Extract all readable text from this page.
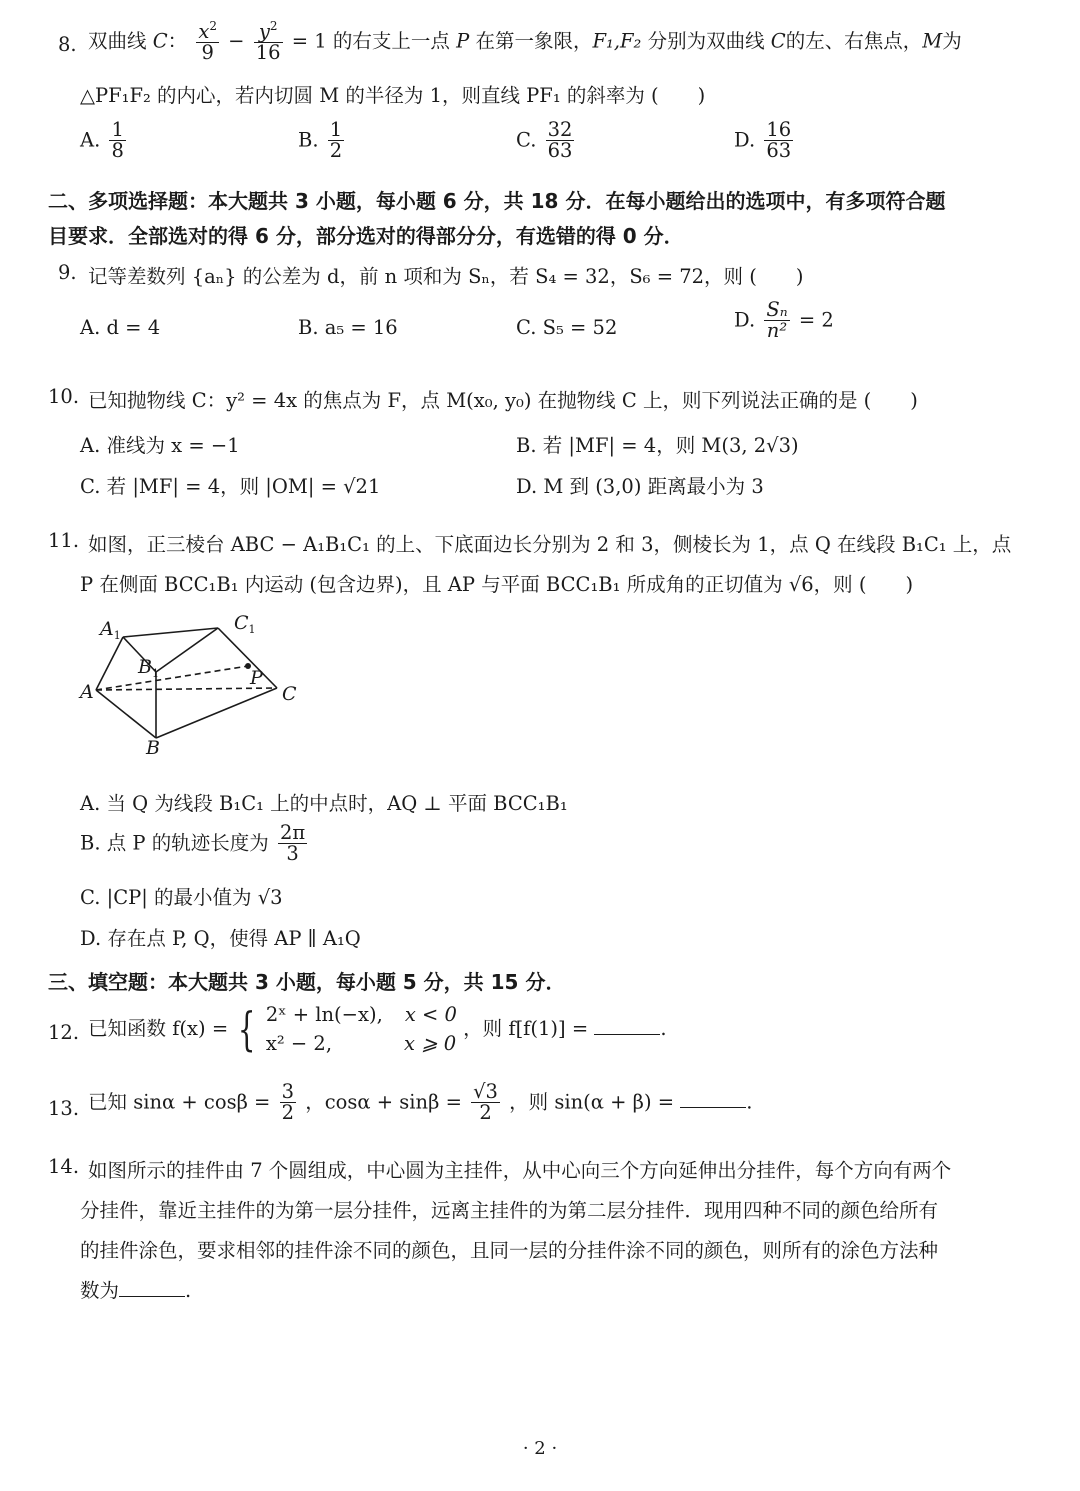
8. 双曲线 C： $\frac{x^2}{9} - \frac{y^2}{16} = 1$ 的右支上一点 P 在第一象限，F₁,F₂ 分别为双曲线 C的左、右焦点，M为
△PF₁F₂ 的内心，若内切圆 M 的半径为 1，则直线 PF₁ 的斜率为 (　　)
A. $\frac{1}{8}$	B. $\frac{1}{2}$	C. $\frac{32}{63}$	D. $\frac{16}{63}$
二、多项选择题：本大题共 3 小题，每小题 6 分，共 18 分．在每小题给出的选项中，有多项符合题
目要求．全部选对的得 6 分，部分选对的得部分分，有选错的得 0 分．
9. 记等差数列 {aₙ} 的公差为 d，前 n 项和为 Sₙ，若 S₄ = 32，S₆ = 72，则 (　　)
A. d = 4	B. a₅ = 16	C. S₅ = 52	D. $\frac{\text{Sₙ}}{\text{n²}} = 2$
10. 已知抛物线 C：y² = 4x 的焦点为 F，点 M(x₀, y₀) 在抛物线 C 上，则下列说法正确的是 (　　)
A. 准线为 x = −1	B. 若 |MF| = 4，则 M(3, 2√3)
C. 若 |MF| = 4，则 |OM| = √21	D. M 到 (3,0) 距离最小为 3
11. 如图，正三棱台 ABC − A₁B₁C₁ 的上、下底面边长分别为 2 和 3，侧棱长为 1，点 Q 在线段 B₁C₁ 上，点
P 在侧面 BCC₁B₁ 内运动 (包含边界)，且 AP 与平面 BCC₁B₁ 所成角的正切值为 √6，则 (　　)
$A_1$
$C_1$
$B_1$
A
P
C
B
A. 当 Q 为线段 B₁C₁ 上的中点时，AQ ⊥ 平面 BCC₁B₁
B. 点 P 的轨迹长度为 $\frac{2\pi}{3}$
C. |CP| 的最小值为 √3
D. 存在点 P, Q，使得 AP ∥ A₁Q
三、填空题：本大题共 3 小题，每小题 5 分，共 15 分．
12. 已知函数 f(x) = { 2ˣ + ln(−x), x < 0
x² − 2,	x ⩾ 0
，则 f[f(1)] =	.
13. 已知 $\sin\alpha + \cos\beta = \frac{3}{2}$ ，$\cos\alpha + \sin\beta = \frac{√3}{2}$ ，则 sin(α + β) =	.
14. 如图所示的挂件由 7 个圆组成，中心圆为主挂件，从中心向三个方向延伸出分挂件，每个方向有两个
分挂件，靠近主挂件的为第一层分挂件，远离主挂件的为第二层分挂件．现用四种不同的颜色给所有
的挂件涂色，要求相邻的挂件涂不同的颜色，且同一层的分挂件涂不同的颜色，则所有的涂色方法种
数为	.
· 2 ·
